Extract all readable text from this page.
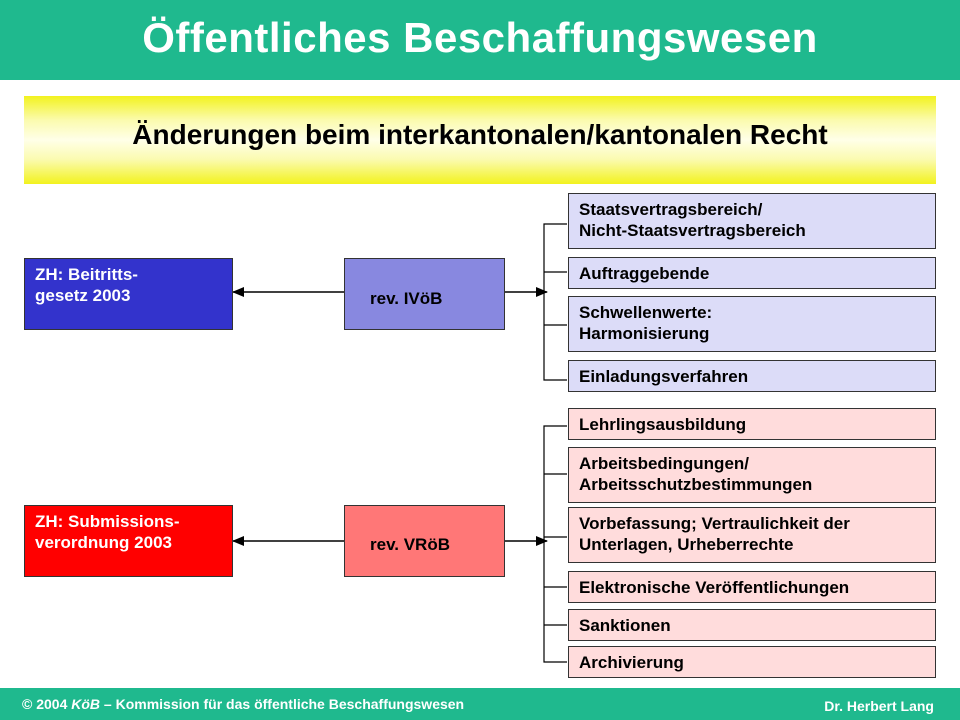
Öffentliches Beschaffungswesen
Änderungen beim interkantonalen/kantonalen Recht
ZH: Beitritts-
gesetz 2003	rev. IVöB
Staatsvertragsbereich/
Nicht-Staatsvertragsbereich
Auftraggebende
Schwellenwerte:
Harmonisierung
Einladungsverfahren
ZH: Submissions-
verordnung 2003	rev. VRöB
Lehrlingsausbildung
Arbeitsbedingungen/
Arbeitsschutzbestimmungen
Vorbefassung; Vertraulichkeit der
Unterlagen, Urheberrechte
Elektronische Veröffentlichungen
Sanktionen
Archivierung
© 2004 KöB – Kommission für das öffentliche Beschaffungswesen	Dr. Herbert Lang
